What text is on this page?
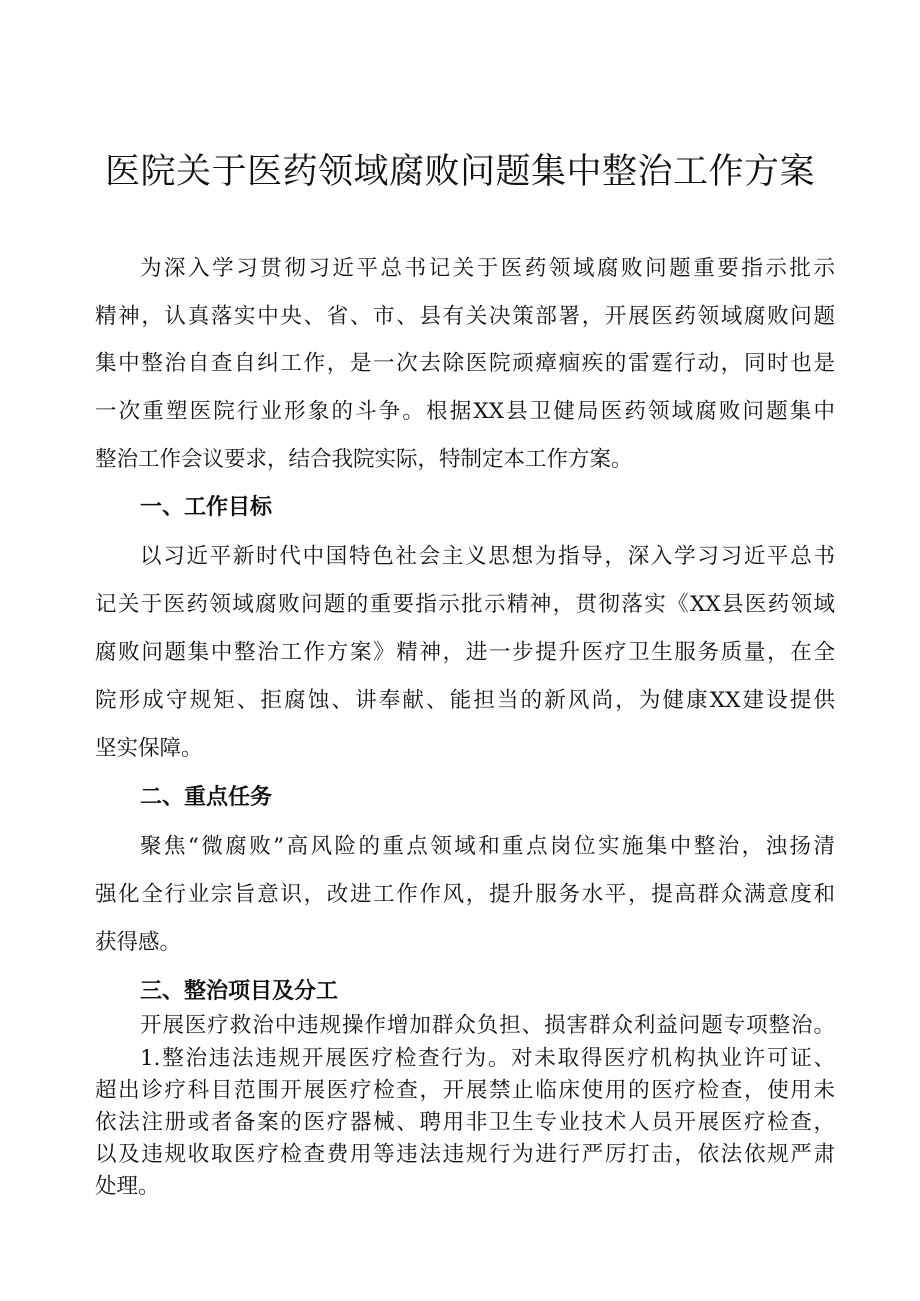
医院关于医药领域腐败问题集中整治工作方案
为深入学习贯彻习近平总书记关于医药领域腐败问题重要指示批示
精神，认真落实中央、省、市、县有关决策部署，开展医药领域腐败问题
集中整治自查自纠工作，是一次去除医院顽瘴痼疾的雷霆行动，同时也是
一次重塑医院行业形象的斗争。根据XX县卫健局医药领域腐败问题集中
整治工作会议要求，结合我院实际，特制定本工作方案。
一、工作目标
以习近平新时代中国特色社会主义思想为指导，深入学习习近平总书
记关于医药领域腐败问题的重要指示批示精神，贯彻落实《XX县医药领域
腐败问题集中整治工作方案》精神，进一步提升医疗卫生服务质量，在全
院形成守规矩、拒腐蚀、讲奉献、能担当的新风尚，为健康XX建设提供
坚实保障。
二、重点任务
聚焦“微腐败”高风险的重点领域和重点岗位实施集中整治，浊扬清
强化全行业宗旨意识，改进工作作风，提升服务水平，提高群众满意度和
获得感。
三、整治项目及分工
开展医疗救治中违规操作增加群众负担、损害群众利益问题专项整治。
1.整治违法违规开展医疗检查行为。对未取得医疗机构执业许可证、
超出诊疗科目范围开展医疗检查，开展禁止临床使用的医疗检查，使用未
依法注册或者备案的医疗器械、聘用非卫生专业技术人员开展医疗检查，
以及违规收取医疗检查费用等违法违规行为进行严厉打击，依法依规严肃
处理。
